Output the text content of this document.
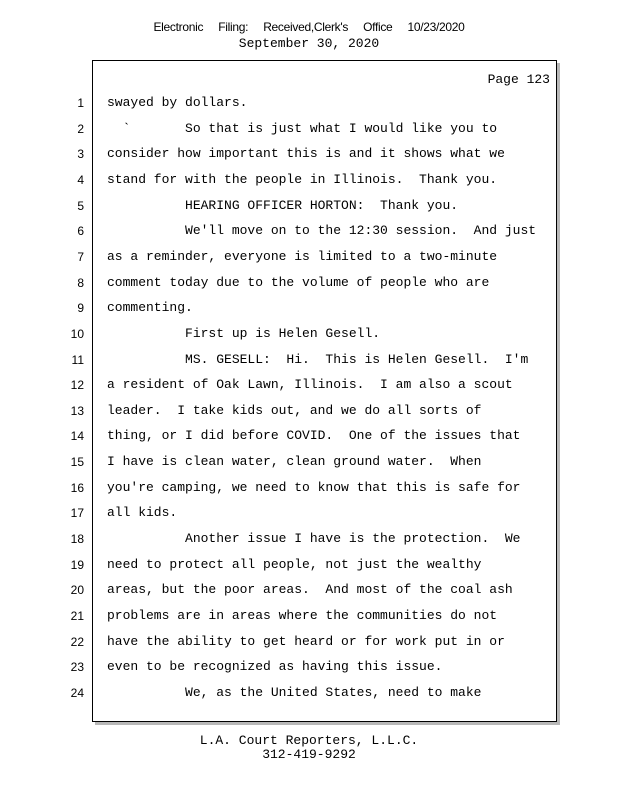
Electronic Filing: Received,Clerk's Office 10/23/2020
September 30, 2020
Page 123
1 swayed by dollars.
2 `       So that is just what I would like you to
3 consider how important this is and it shows what we
4 stand for with the people in Illinois.  Thank you.
5 HEARING OFFICER HORTON:  Thank you.
6 We'll move on to the 12:30 session.  And just
7 as a reminder, everyone is limited to a two-minute
8 comment today due to the volume of people who are
9 commenting.
10 First up is Helen Gesell.
11 MS. GESELL:  Hi.  This is Helen Gesell.  I'm
12 a resident of Oak Lawn, Illinois.  I am also a scout
13 leader.  I take kids out, and we do all sorts of
14 thing, or I did before COVID.  One of the issues that
15 I have is clean water, clean ground water.  When
16 you're camping, we need to know that this is safe for
17 all kids.
18 Another issue I have is the protection.  We
19 need to protect all people, not just the wealthy
20 areas, but the poor areas.  And most of the coal ash
21 problems are in areas where the communities do not
22 have the ability to get heard or for work put in or
23 even to be recognized as having this issue.
24 We, as the United States, need to make
L.A. Court Reporters, L.L.C.
312-419-9292
